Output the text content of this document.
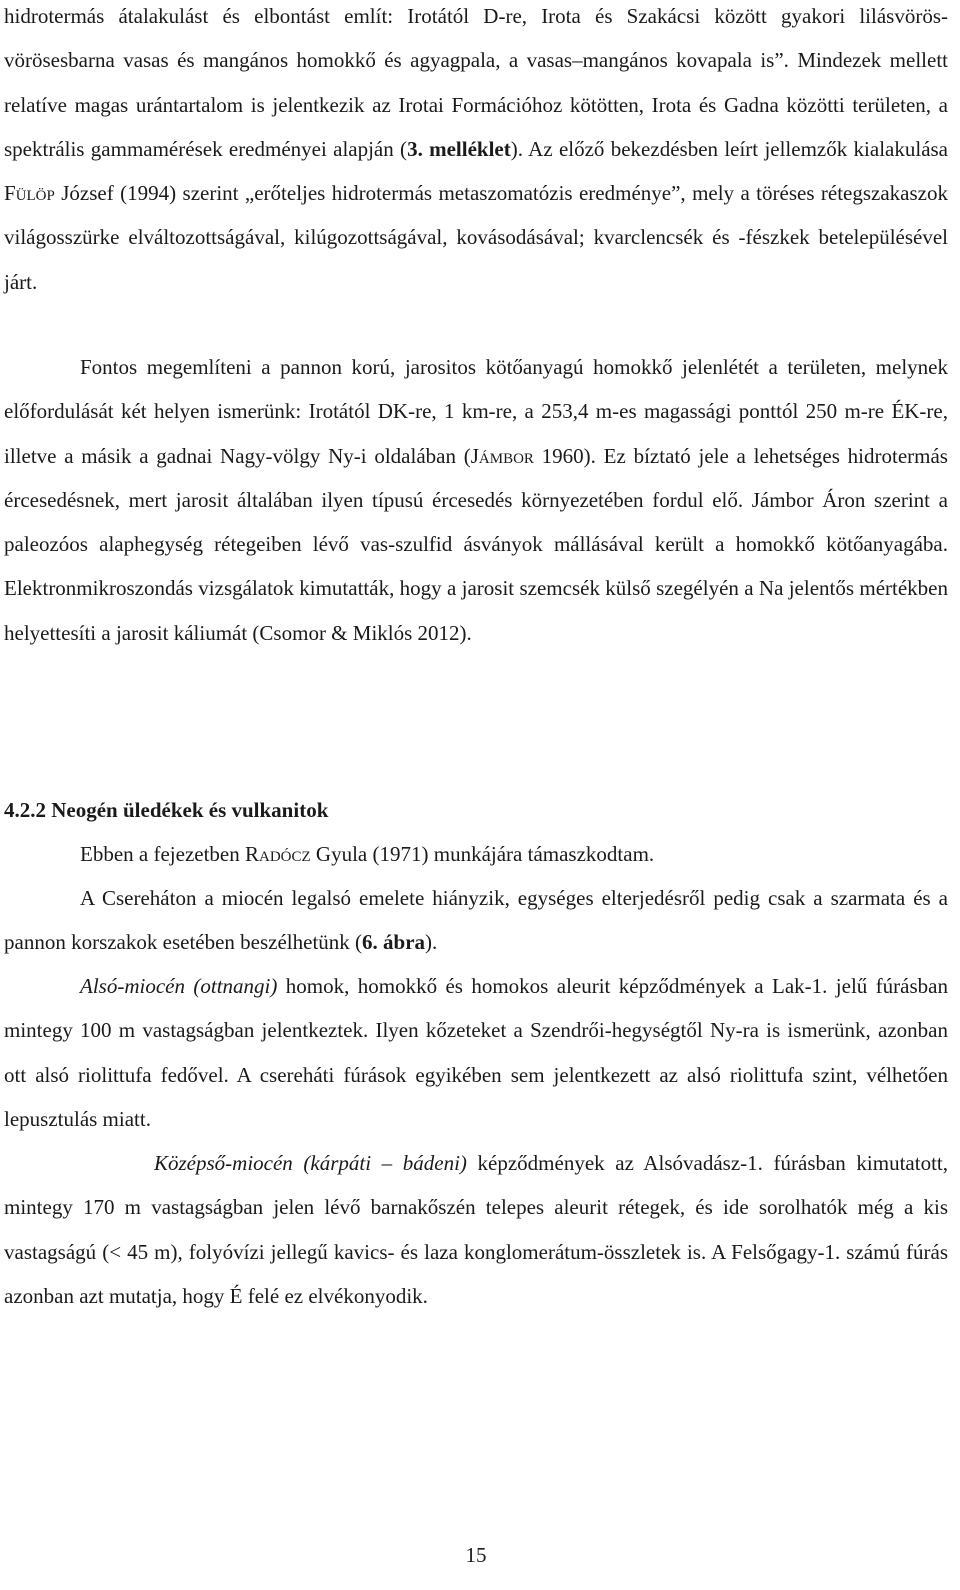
hidrotermás átalakulást és elbontást említ: Irotától D-re, Irota és Szakácsi között gyakori lilásvörös-vörösesbarna vasas és mangános homokkő és agyagpala, a vasas–mangános kovapala is”. Mindezek mellett relatíve magas urántartalom is jelentkezik az Irotai Formációhoz kötötten, Irota és Gadna közötti területen, a spektrális gammamérések eredményei alapján (3. melléklet). Az előző bekezdésben leírt jellemzők kialakulása Fülöp József (1994) szerint „erőteljes hidrotermás metaszomatózis eredménye”, mely a töréses rétegszakaszok világosszürke elváltozottságával, kilúgozottságával, kovásodásával; kvarclencsék és -fészkek betelepülésével járt.

Fontos megemlíteni a pannon korú, jarositos kötőanyagú homokkő jelenlétét a területen, melynek előfordulását két helyen ismerünk: Irotától DK-re, 1 km-re, a 253,4 m-es magassági ponttól 250 m-re ÉK-re, illetve a másik a gadnai Nagy-völgy Ny-i oldalában (Jámbor 1960). Ez bíztató jele a lehetséges hidrotermás ércesedésnek, mert jarosit általában ilyen típusú ércesedés környezetében fordul elő. Jámbor Áron szerint a paleozóos alaphegység rétegeiben lévő vas-szulfid ásványok mállásával került a homokkő kötőanyagába. Elektronmikroszondás vizsgálatok kimutatták, hogy a jarosit szemcsék külső szegélyén a Na jelentős mértékben helyettesíti a jarosit káliumát (Csomor & Miklós 2012).

4.2.2 Neogén üledékek és vulkanitok

Ebben a fejezetben Radócz Gyula (1971) munkájára támaszkodtam.

A Csereháton a miocén legalsó emelete hiányzik, egységes elterjedésről pedig csak a szarmata és a pannon korszakok esetében beszélhetünk (6. ábra).

Alsó-miocén (ottnangi) homok, homokkő és homokos aleurit képződmények a Lak-1. jelű fúrásban mintegy 100 m vastagságban jelentkeztek. Ilyen kőzeteket a Szendrői-hegységtől Ny-ra is ismerünk, azonban ott alsó riolittufa fedővel. A csereháti fúrások egyikében sem jelentkezett az alsó riolittufa szint, vélhetően lepusztulás miatt.

Középső-miocén (kárpáti – bádeni) képződmények az Alsóvadász-1. fúrásban kimutatott, mintegy 170 m vastagságban jelen lévő barnakőszén telepes aleurit rétegek, és ide sorolhatók még a kis vastagságú (< 45 m), folyóvízi jellegű kavics- és laza konglomerátum-összletek is. A Felsőgagy-1. számú fúrás azonban azt mutatja, hogy É felé ez elvékonyodik.

15
